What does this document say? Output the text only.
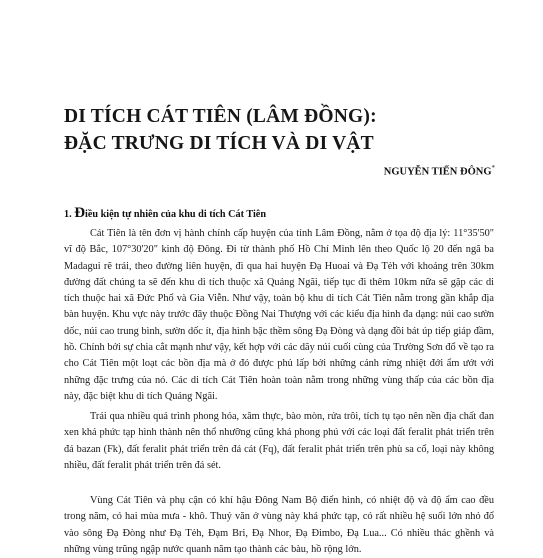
DI TÍCH CÁT TIÊN (LÂM ĐỒNG):
ĐẶC TRƯNG DI TÍCH VÀ DI VẬT
NGUYỄN TIẾN ĐÔNG*
1. Điều kiện tự nhiên của khu di tích Cát Tiên

Cát Tiên là tên đơn vị hành chính cấp huyện của tỉnh Lâm Đồng, nằm ở tọa độ địa lý: 11°35'50" vĩ độ Bắc, 107°30'20" kinh độ Đông. Đi từ thành phố Hồ Chí Minh lên theo Quốc lộ 20 đến ngã ba Madagui rẽ trái, theo đường liên huyện, đi qua hai huyện Đạ Huoai và Đạ Tẻh với khoảng trên 30km đường đất chúng ta sẽ đến khu di tích thuộc xã Quảng Ngãi, tiếp tục đi thêm 10km nữa sẽ gặp các di tích thuộc hai xã Đức Phổ và Gia Viễn. Như vậy, toàn bộ khu di tích Cát Tiên nằm trong gần khắp địa bàn huyện. Khu vực này trước đây thuộc Đồng Nai Thượng với các kiểu địa hình đa dạng: núi cao sườn dốc, núi cao trung bình, sườn dốc ít, địa hình bậc thềm sông Đạ Đòng và dạng đồi bát úp tiếp giáp đầm, hồ. Chính bởi sự chia cắt mạnh như vậy, kết hợp với các dãy núi cuối cùng của Trường Sơn đổ về tạo ra cho Cát Tiên một loạt các bồn địa mà ở đó được phủ lấp bởi những cánh rừng nhiệt đới ẩm ướt với những đặc trưng của nó. Các di tích Cát Tiên hoàn toàn nằm trong những vùng thấp của các bồn địa này, đặc biệt khu di tích Quảng Ngãi.

Trái qua nhiều quá trình phong hóa, xâm thực, bào mòn, rửa trôi, tích tụ tạo nên nền địa chất đan xen khá phức tạp hình thành nên thổ nhưỡng cũng khá phong phú với các loại đất feralit phát triển trên đá bazan (Fk), đất feralit phát triển trên đá cát (Fq), đất feralit phát triển trên phù sa cổ, loại này không nhiều, đất feralit phát triển trên đá sét.

Vùng Cát Tiên và phụ cận có khí hậu Đông Nam Bộ điển hình, có nhiệt độ và độ ẩm cao đều trong năm, có hai mùa mưa - khô. Thuỷ văn ở vùng này khá phức tạp, có rất nhiều hệ suối lớn nhỏ đổ vào sông Đạ Đòng như Đạ Tẻh, Đạm Bri, Đạ Nhor, Đạ Đimbo, Đạ Lua... Có nhiều thác ghềnh và những vùng trũng ngập nước quanh năm tạo thành các bàu, hồ rộng lớn.
